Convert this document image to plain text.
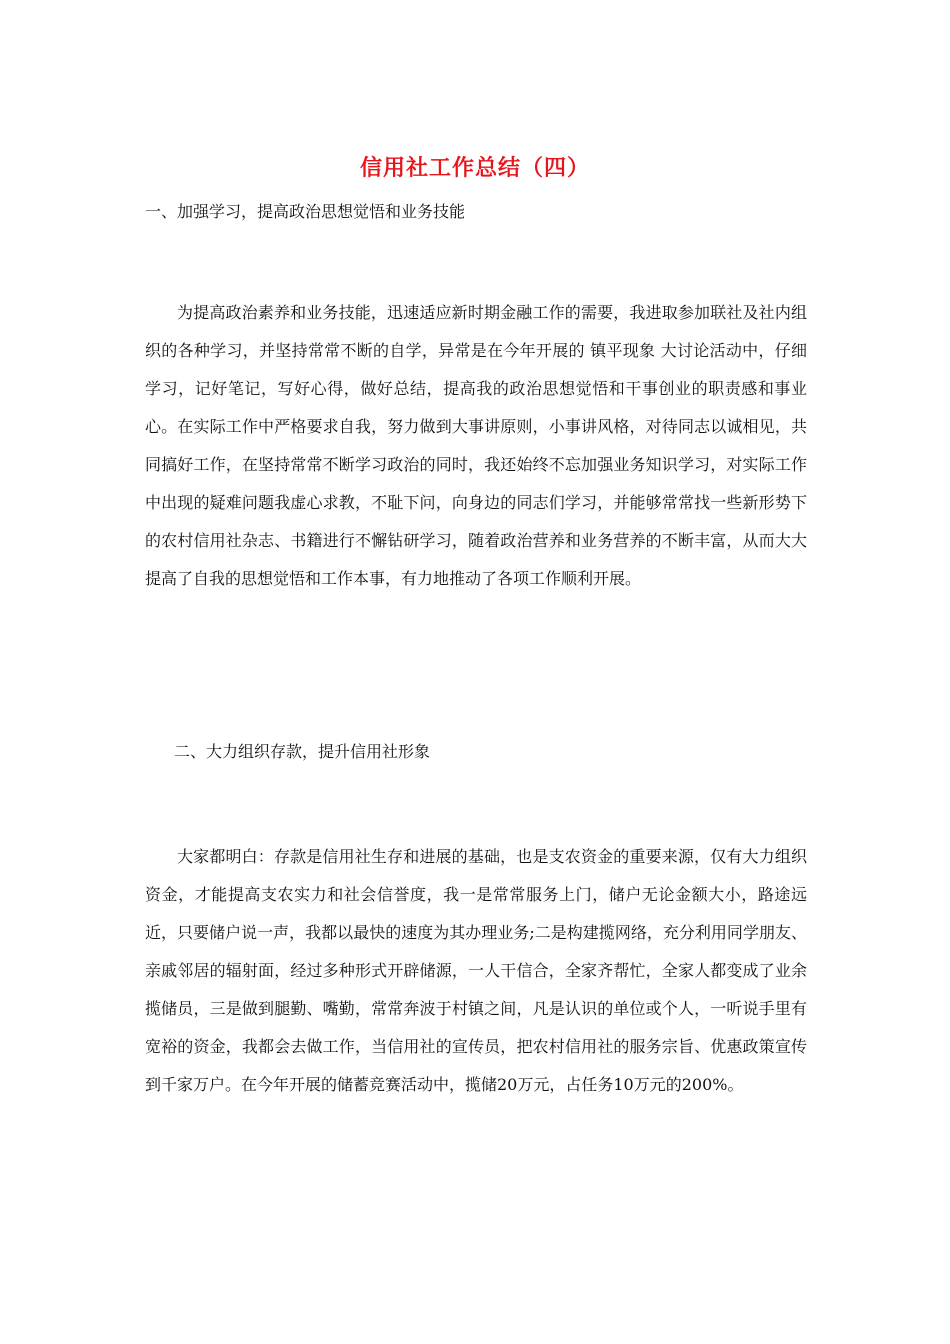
信用社工作总结（四）
一、加强学习，提高政治思想觉悟和业务技能
为提高政治素养和业务技能，迅速适应新时期金融工作的需要，我进取参加联社及社内组织的各种学习，并坚持常常不断的自学，异常是在今年开展的 镇平现象 大讨论活动中，仔细学习，记好笔记，写好心得，做好总结，提高我的政治思想觉悟和干事创业的职责感和事业心。在实际工作中严格要求自我，努力做到大事讲原则，小事讲风格，对待同志以诚相见，共同搞好工作，在坚持常常不断学习政治的同时，我还始终不忘加强业务知识学习，对实际工作中出现的疑难问题我虚心求教，不耻下问，向身边的同志们学习，并能够常常找一些新形势下的农村信用社杂志、书籍进行不懈钻研学习，随着政治营养和业务营养的不断丰富，从而大大提高了自我的思想觉悟和工作本事，有力地推动了各项工作顺利开展。
二、大力组织存款，提升信用社形象
大家都明白：存款是信用社生存和进展的基础，也是支农资金的重要来源，仅有大力组织资金，才能提高支农实力和社会信誉度，我一是常常服务上门，储户无论金额大小，路途远近，只要储户说一声，我都以最快的速度为其办理业务;二是构建揽网络，充分利用同学朋友、亲戚邻居的辐射面，经过多种形式开辟储源，一人干信合，全家齐帮忙，全家人都变成了业余揽储员，三是做到腿勤、嘴勤，常常奔波于村镇之间，凡是认识的单位或个人，一听说手里有宽裕的资金，我都会去做工作，当信用社的宣传员，把农村信用社的服务宗旨、优惠政策宣传到千家万户。在今年开展的储蓄竞赛活动中，揽储20万元，占任务10万元的200%。
